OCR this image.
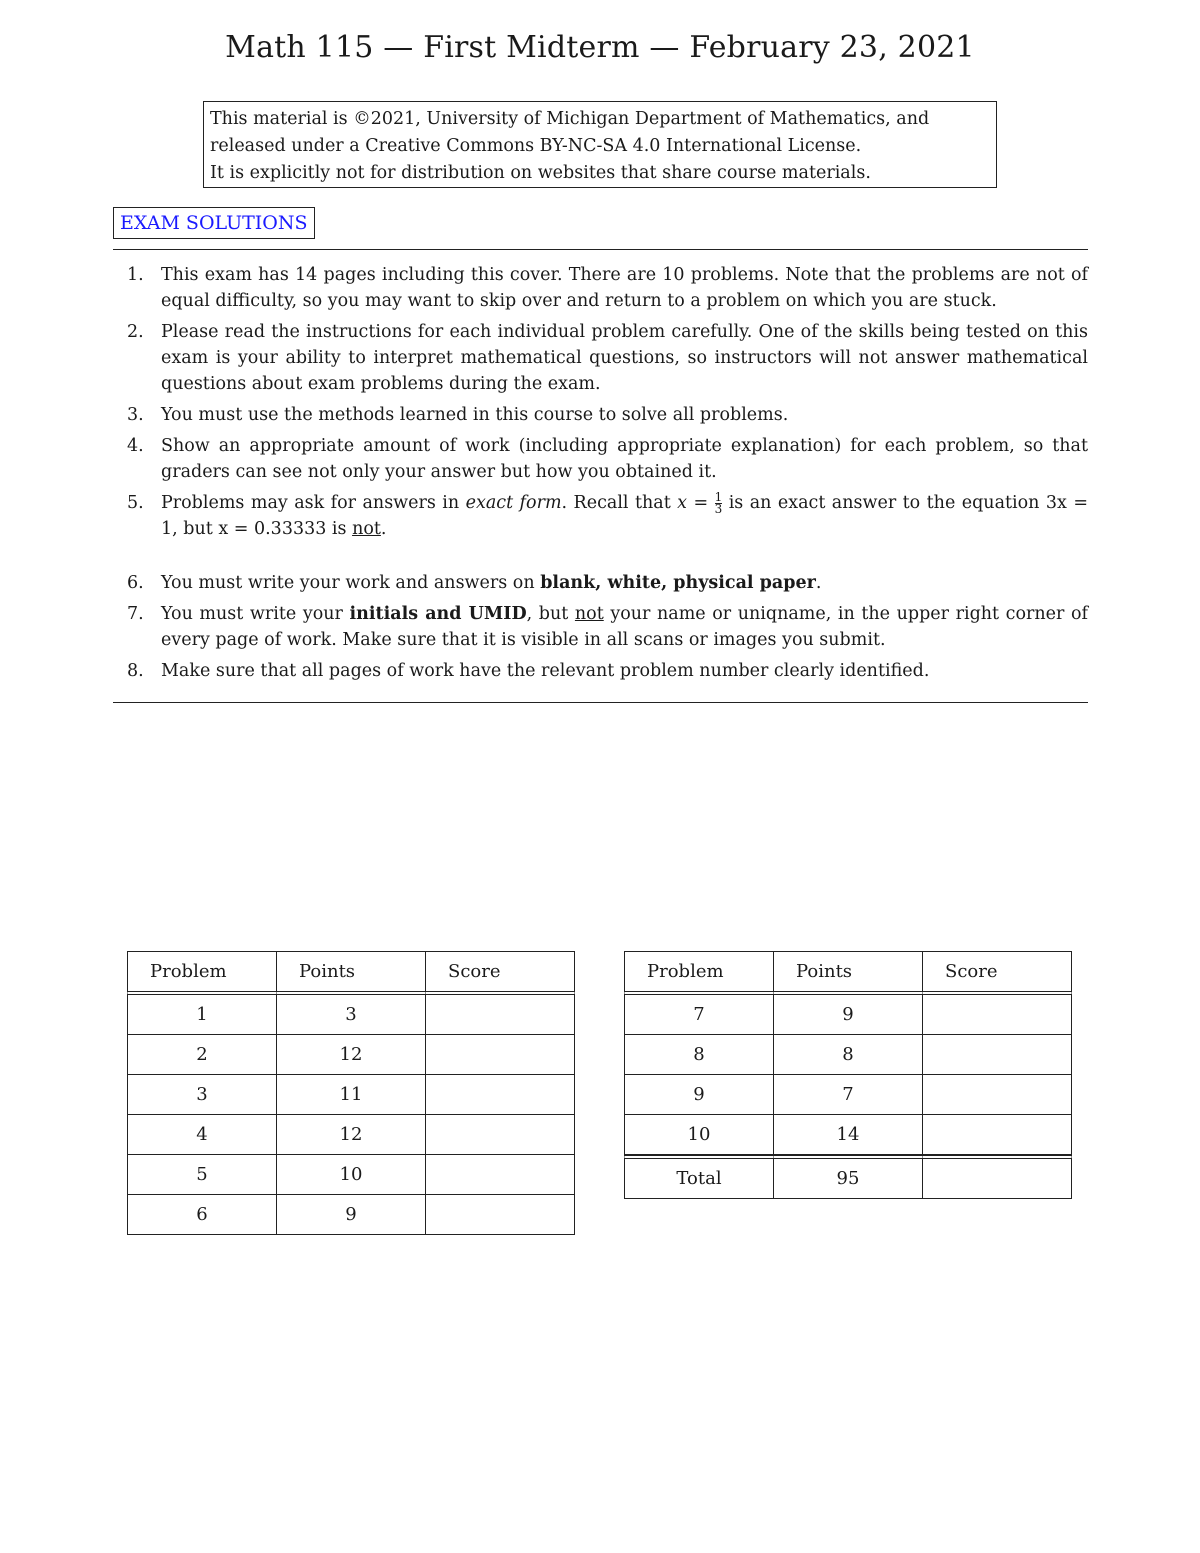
Math 115 — First Midterm — February 23, 2021
This material is ©2021, University of Michigan Department of Mathematics, and
released under a Creative Commons BY-NC-SA 4.0 International License.
It is explicitly not for distribution on websites that share course materials.
EXAM SOLUTIONS
1. This exam has 14 pages including this cover. There are 10 problems. Note that the problems are not of equal difficulty, so you may want to skip over and return to a problem on which you are stuck.
2. Please read the instructions for each individual problem carefully. One of the skills being tested on this exam is your ability to interpret mathematical questions, so instructors will not answer mathematical questions about exam problems during the exam.
3. You must use the methods learned in this course to solve all problems.
4. Show an appropriate amount of work (including appropriate explanation) for each problem, so that graders can see not only your answer but how you obtained it.
5. Problems may ask for answers in exact form. Recall that $x = \frac{1}{3}$ is an exact answer to the equation 3x = 1, but x = 0.33333 is not.
6. You must write your work and answers on blank, white, physical paper.
7. You must write your initials and UMID, but not your name or uniqname, in the upper right corner of every page of work. Make sure that it is visible in all scans or images you submit.
8. Make sure that all pages of work have the relevant problem number clearly identified.
Problem	Points	Score
1	3	
2	12	
3	11	
4	12	
5	10	
6	9	
Problem	Points	Score
7	9	
8	8	
9	7	
10	14	
Total	95	
